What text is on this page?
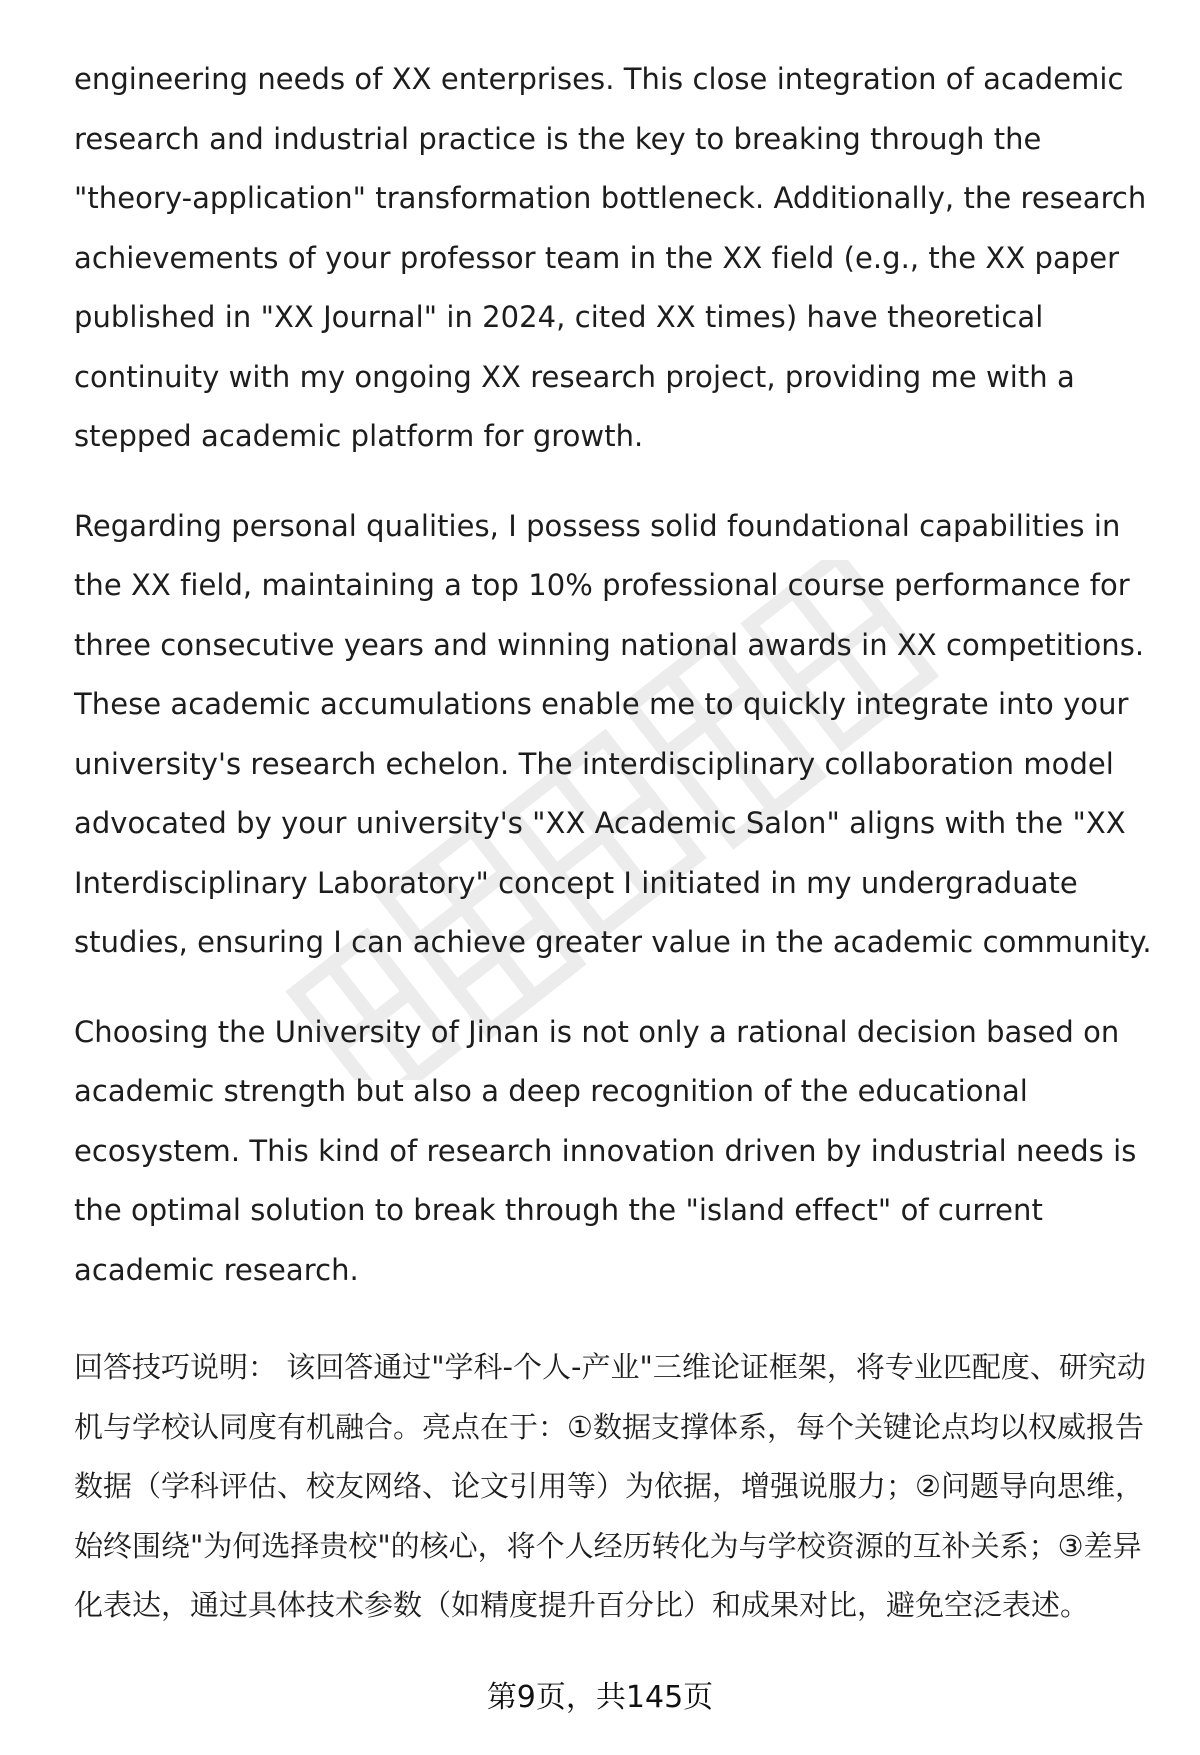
engineering needs of XX enterprises. This close integration of academic research and industrial practice is the key to breaking through the "theory-application" transformation bottleneck. Additionally, the research achievements of your professor team in the XX field (e.g., the XX paper published in "XX Journal" in 2024, cited XX times) have theoretical continuity with my ongoing XX research project, providing me with a stepped academic platform for growth.

Regarding personal qualities, I possess solid foundational capabilities in the XX field, maintaining a top 10% professional course performance for three consecutive years and winning national awards in XX competitions. These academic accumulations enable me to quickly integrate into your university's research echelon. The interdisciplinary collaboration model advocated by your university's "XX Academic Salon" aligns with the "XX Interdisciplinary Laboratory" concept I initiated in my undergraduate studies, ensuring I can achieve greater value in the academic community.

Choosing the University of Jinan is not only a rational decision based on academic strength but also a deep recognition of the educational ecosystem. This kind of research innovation driven by industrial needs is the optimal solution to break through the "island effect" of current academic research.

回答技巧说明： 该回答通过"学科-个人-产业"三维论证框架，将专业匹配度、研究动机与学校认同度有机融合。亮点在于：①数据支撑体系，每个关键论点均以权威报告数据（学科评估、校友网络、论文引用等）为依据，增强说服力；②问题导向思维，始终围绕"为何选择贵校"的核心，将个人经历转化为与学校资源的互补关系；③差异化表达，通过具体技术参数（如精度提升百分比）和成果对比，避免空泛表述。

第9页，共145页
